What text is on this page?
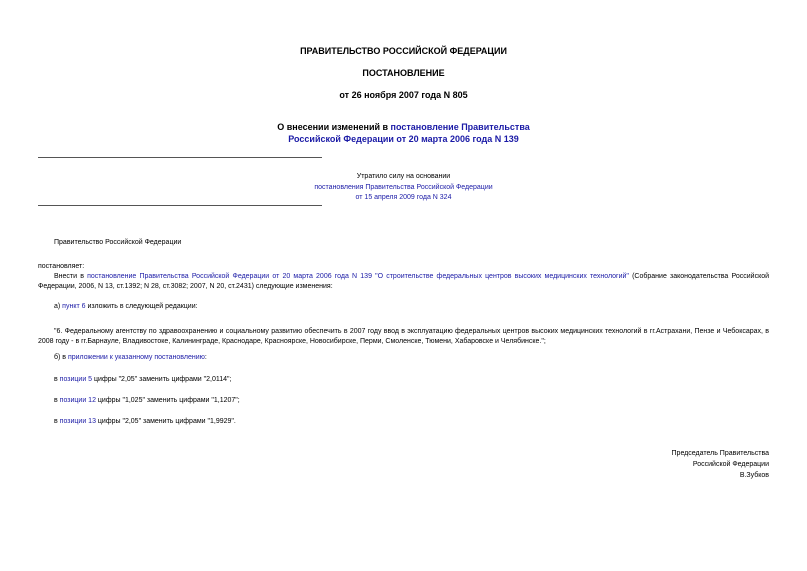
ПРАВИТЕЛЬСТВО РОССИЙСКОЙ ФЕДЕРАЦИИ
ПОСТАНОВЛЕНИЕ
от 26 ноября 2007 года N 805
О внесении изменений в постановление Правительства
Российской Федерации от 20 марта 2006 года N 139
Утратило силу на основании
постановления Правительства Российской Федерации
от 15 апреля 2009 года N 324
Правительство Российской Федерации
постановляет:
Внести в постановление Правительства Российской Федерации от 20 марта 2006 года N 139 "О строительстве федеральных центров высоких медицинских технологий" (Собрание законодательства Российской Федерации, 2006, N 13, ст.1392; N 28, ст.3082; 2007, N 20, ст.2431) следующие изменения:
а) пункт 6 изложить в следующей редакции:
"6. Федеральному агентству по здравоохранению и социальному развитию обеспечить в 2007 году ввод в эксплуатацию федеральных центров высоких медицинских технологий в гг.Астрахани, Пензе и Чебоксарах, в 2008 году - в гг.Барнауле, Владивостоке, Калининграде, Краснодаре, Красноярске, Новосибирске, Перми, Смоленске, Тюмени, Хабаровске и Челябинске.";
б) в приложении к указанному постановлению:
в позиции 5 цифры "2,05" заменить цифрами "2,0114";
в позиции 12 цифры "1,025" заменить цифрами "1,1207";
в позиции 13 цифры "2,05" заменить цифрами "1,9929".
Председатель Правительства
Российской Федерации
В.Зубков
